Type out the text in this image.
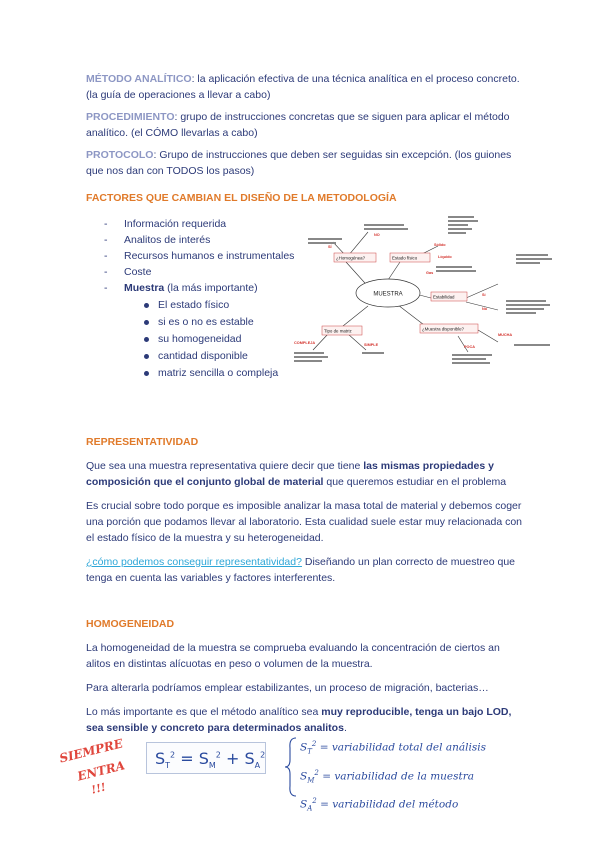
MÉTODO ANALÍTICO: la aplicación efectiva de una técnica analítica en el proceso concreto. (la guía de operaciones a llevar a cabo)

PROCEDIMIENTO: grupo de instrucciones concretas que se siguen para aplicar el método analítico. (el CÓMO llevarlas a cabo)

PROTOCOLO: Grupo de instrucciones que deben ser seguidas sin excepción. (los guiones que nos dan con TODOS los pasos)

FACTORES QUE CAMBIAN EL DISEÑO DE LA METODOLOGÍA
- Información requerida
- Analitos de interés
- Recursos humanos e instrumentales
- Coste
- Muestra (la más importante)
El estado físico
si es o no es estable
su homogeneidad
cantidad disponible
matriz sencilla o compleja
MUESTRA
¿Homogénea?	Estado físico
Estabilidad
¿Muestra disponible?
Tipo de matriz
SÍ
NO
Gas
Líquido
Sólido
Sí
No
MUCHA
POCA
COMPLEJA	SIMPLE
REPRESENTATIVIDAD

Que sea una muestra representativa quiere decir que tiene las mismas propiedades y composición que el conjunto global de material que queremos estudiar en el problema

Es crucial sobre todo porque es imposible analizar la masa total de material y debemos coger una porción que podamos llevar al laboratorio. Esta cualidad suele estar muy relacionada con el estado físico de la muestra y su heterogeneidad.

¿cómo podemos conseguir representatividad? Diseñando un plan correcto de muestreo que tenga en cuenta las variables y factores interferentes.

HOMOGENEIDAD

La homogeneidad de la muestra se comprueba evaluando la concentración de ciertos an alitos en distintas alícuotas en peso o volumen de la muestra.

Para alterarla podríamos emplear estabilizantes, un proceso de migración, bacterias…

Lo más importante es que el método analítico sea muy reproducible, tenga un bajo LOD, sea sensible y concreto para determinados analitos.

SIEMPRE
ENTRA
!!!
$S_T^2 = S_M^2 + S_A^2$
$S_T^2$ = variabilidad total del análisis
$S_M^2$ = variabilidad de la muestra
$S_A^2$ = variabilidad del método
